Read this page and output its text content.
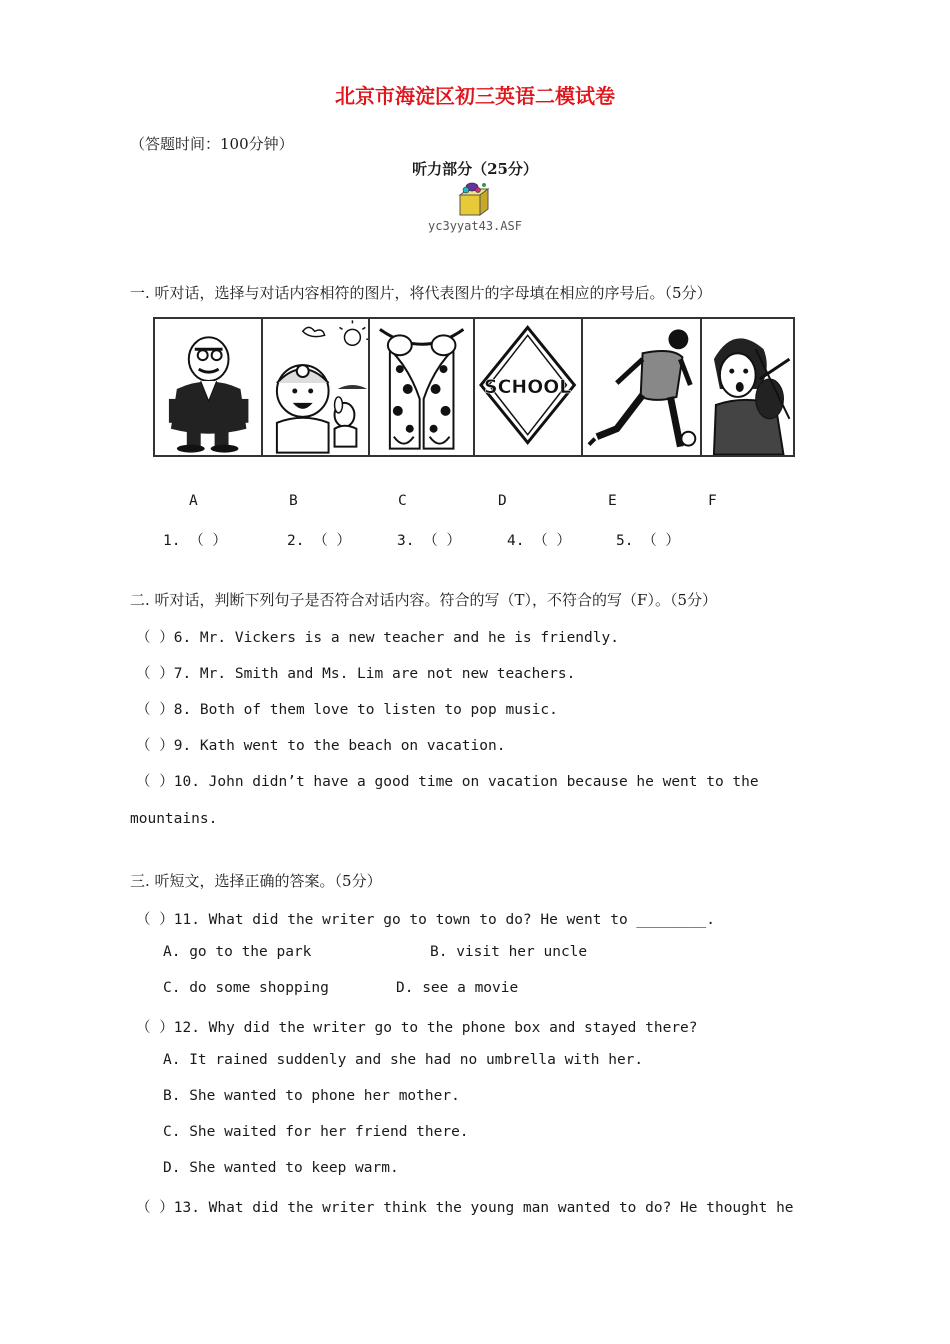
北京市海淀区初三英语二模试卷
（答题时间：100分钟）
听力部分（25分）
yc3yyat43.ASF
一. 听对话，选择与对话内容相符的图片，将代表图片的字母填在相应的序号后。（5分）
SCHOOL
A	B	C	D	E	F
1. （ ）	2. （ ）	3. （ ）	4. （ ）	5. （ ）
二. 听对话，判断下列句子是否符合对话内容。符合的写（T），不符合的写（F）。（5分）
（ ）6. Mr. Vickers is a new teacher and he is friendly.
（ ）7. Mr. Smith and Ms. Lim are not new teachers.
（ ）8. Both of them love to listen to pop music.
（ ）9. Kath went to the beach on vacation.
（ ）10. John didn’t have a good time on vacation because he went to the
mountains.
三. 听短文，选择正确的答案。（5分）
（ ）11. What did the writer go to town to do? He went to ________.
A. go to the park	B. visit her uncle
C. do some shopping	D. see a movie
（ ）12. Why did the writer go to the phone box and stayed there?
A. It rained suddenly and she had no umbrella with her.
B. She wanted to phone her mother.
C. She waited for her friend there.
D. She wanted to keep warm.
（ ）13. What did the writer think the young man wanted to do? He thought he
